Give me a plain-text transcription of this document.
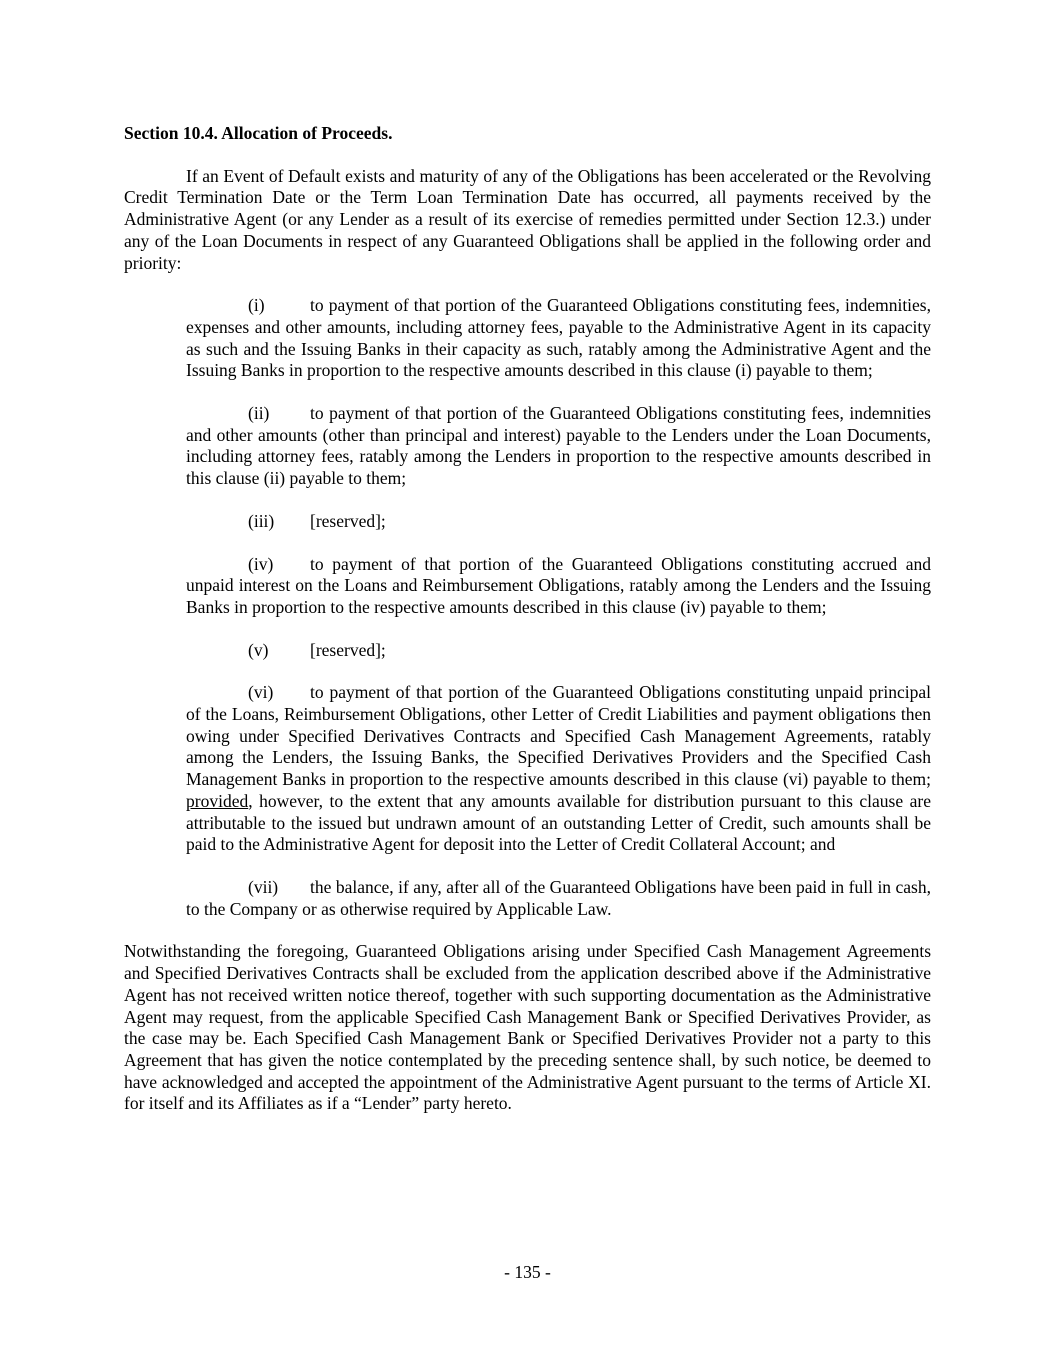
Section 10.4. Allocation of Proceeds.

If an Event of Default exists and maturity of any of the Obligations has been accelerated or the Revolving Credit Termination Date or the Term Loan Termination Date has occurred, all payments received by the Administrative Agent (or any Lender as a result of its exercise of remedies permitted under Section 12.3.) under any of the Loan Documents in respect of any Guaranteed Obligations shall be applied in the following order and priority:

(i)	to payment of that portion of the Guaranteed Obligations constituting fees, indemnities, expenses and other amounts, including attorney fees, payable to the Administrative Agent in its capacity as such and the Issuing Banks in their capacity as such, ratably among the Administrative Agent and the Issuing Banks in proportion to the respective amounts described in this clause (i) payable to them;

(ii) to payment of that portion of the Guaranteed Obligations constituting fees, indemnities and other amounts (other than principal and interest) payable to the Lenders under the Loan Documents, including attorney fees, ratably among the Lenders in proportion to the respective amounts described in this clause (ii) payable to them;

(iii) [reserved];

(iv) to payment of that portion of the Guaranteed Obligations constituting accrued and unpaid interest on the Loans and Reimbursement Obligations, ratably among the Lenders and the Issuing Banks in proportion to the respective amounts described in this clause (iv) payable to them;

(v) [reserved];

(vi) to payment of that portion of the Guaranteed Obligations constituting unpaid principal of the Loans, Reimbursement Obligations, other Letter of Credit Liabilities and payment obligations then owing under Specified Derivatives Contracts and Specified Cash Management Agreements, ratably among the Lenders, the Issuing Banks, the Specified Derivatives Providers and the Specified Cash Management Banks in proportion to the respective amounts described in this clause (vi) payable to them; provided, however, to the extent that any amounts available for distribution pursuant to this clause are attributable to the issued but undrawn amount of an outstanding Letter of Credit, such amounts shall be paid to the Administrative Agent for deposit into the Letter of Credit Collateral Account; and

(vii) the balance, if any, after all of the Guaranteed Obligations have been paid in full in cash, to the Company or as otherwise required by Applicable Law.

Notwithstanding the foregoing, Guaranteed Obligations arising under Specified Cash Management Agreements and Specified Derivatives Contracts shall be excluded from the application described above if the Administrative Agent has not received written notice thereof, together with such supporting documentation as the Administrative Agent may request, from the applicable Specified Cash Management Bank or Specified Derivatives Provider, as the case may be. Each Specified Cash Management Bank or Specified Derivatives Provider not a party to this Agreement that has given the notice contemplated by the preceding sentence shall, by such notice, be deemed to have acknowledged and accepted the appointment of the Administrative Agent pursuant to the terms of Article XI. for itself and its Affiliates as if a “Lender” party hereto.

- 135 -
